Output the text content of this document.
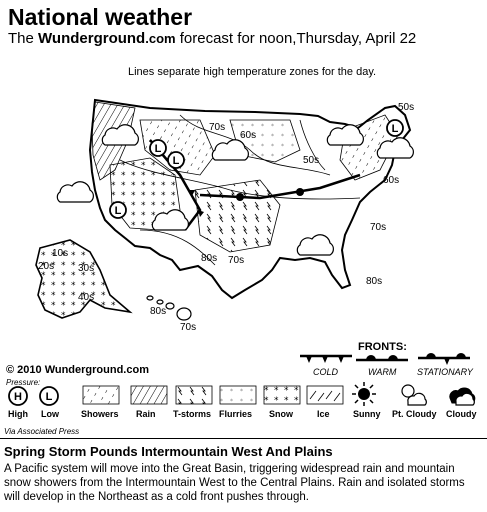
National weather
The Wunderground.com forecast for noon,Thursday, April 22
Lines separate high temperature zones for the day.
L
L
L
L
50s
70s
60s
50s
60s
70s
80s 70s
80s
10s
20s 30s
40s
80s
70s
© 2010 Wunderground.com
FRONTS:
COLD	WARM STATIONARY
Pressure:
H
High
L
Low Showers Rain T-storms Flurries Snow	Ice	Sunny Pt. Cloudy Cloudy
Via Associated Press
Spring Storm Pounds Intermountain West And Plains
A Pacific system will move into the Great Basin, triggering widespread rain and mountain snow showers from the Intermountain West to the Central Plains. Rain and isolated storms will develop in the Northeast as a cold front pushes through.
